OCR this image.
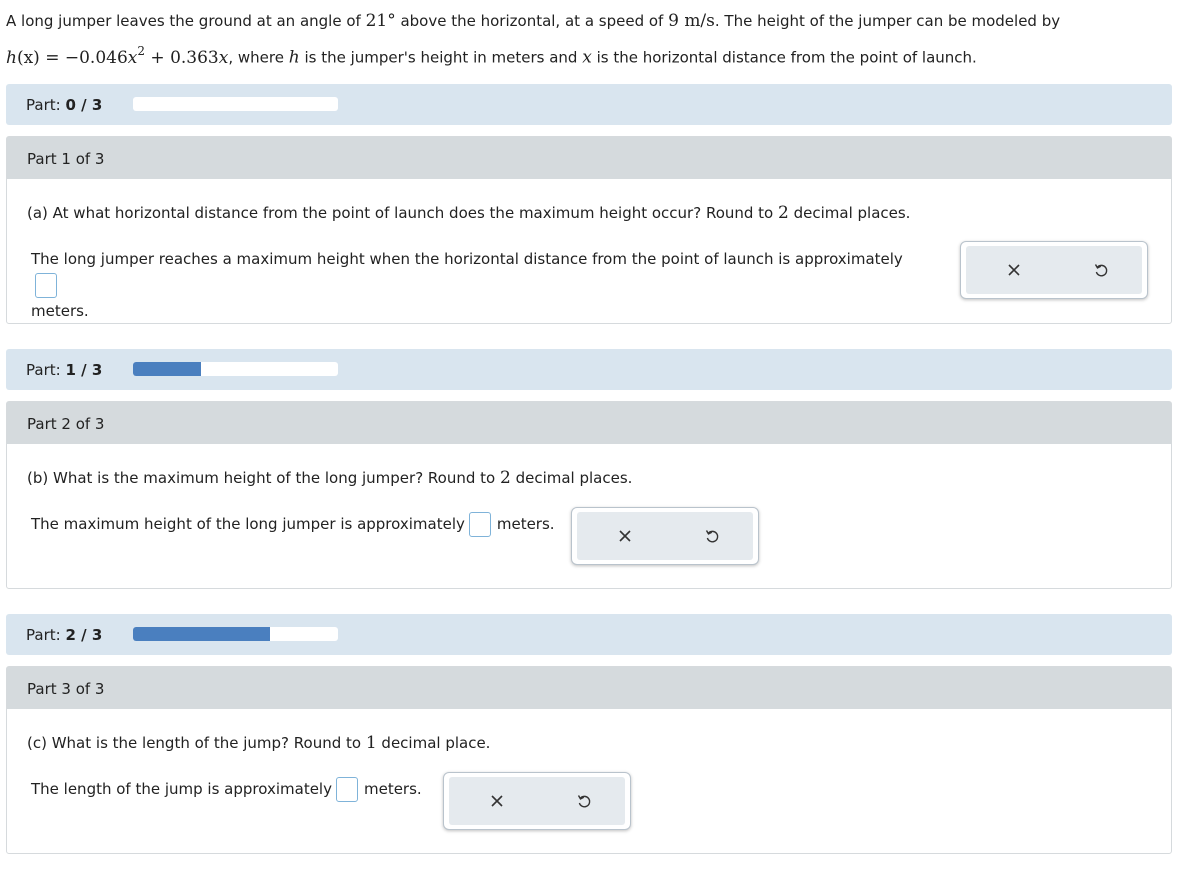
A long jumper leaves the ground at an angle of 21° above the horizontal, at a speed of 9 m/s. The height of the jumper can be modeled by
$h(x) = -0.046x^2 + 0.363x$, where h is the jumper's height in meters and x is the horizontal distance from the point of launch.
Part: 0 / 3
Part 1 of 3
(a) At what horizontal distance from the point of launch does the maximum height occur? Round to 2 decimal places.
The long jumper reaches a maximum height when the horizontal distance from the point of launch is approximately
meters.
Part: 1 / 3
Part 2 of 3
(b) What is the maximum height of the long jumper? Round to 2 decimal places.
The maximum height of the long jumper is approximately meters.
Part: 2 / 3
Part 3 of 3
(c) What is the length of the jump? Round to 1 decimal place.
The length of the jump is approximately meters.
